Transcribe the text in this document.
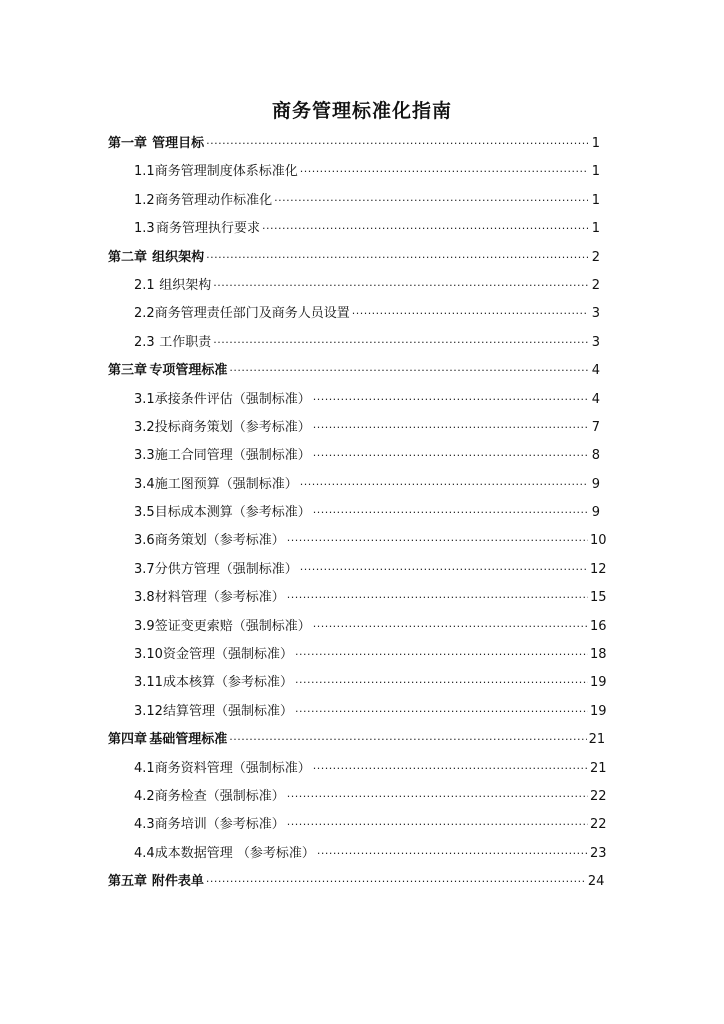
商务管理标准化指南
第一章 管理目标 ·····	1
1.1 商务管理制度体系标准化 ·····	1
1.2 商务管理动作标准化 ·····	1
1.3 商务管理执行要求 ·····	1
第二章 组织架构 ·····	2
2.1 组织架构 ·····	2
2.2 商务管理责任部门及商务人员设置 ·····	3
2.3 工作职责 ·····	3
第三章 专项管理标准 ·····	4
3.1 承接条件评估（强制标准） ·····	4
3.2 投标商务策划（参考标准） ·····	7
3.3 施工合同管理（强制标准） ·····	8
3.4 施工图预算（强制标准） ·····	9
3.5 目标成本测算（参考标准） ·····	9
3.6 商务策划（参考标准） ·····	10
3.7 分供方管理（强制标准） ·····	12
3.8 材料管理（参考标准） ·····	15
3.9 签证变更索赔（强制标准） ·····	16
3.10 资金管理（强制标准） ·····	18
3.11 成本核算（参考标准） ·····	19
3.12 结算管理（强制标准） ·····	19
第四章 基础管理标准 ·····	21
4.1 商务资料管理（强制标准） ·····	21
4.2 商务检查（强制标准） ·····	22
4.3 商务培训（参考标准） ·····	22
4.4 成本数据管理 （参考标准） ·····	23
第五章 附件表单 ·····	24
